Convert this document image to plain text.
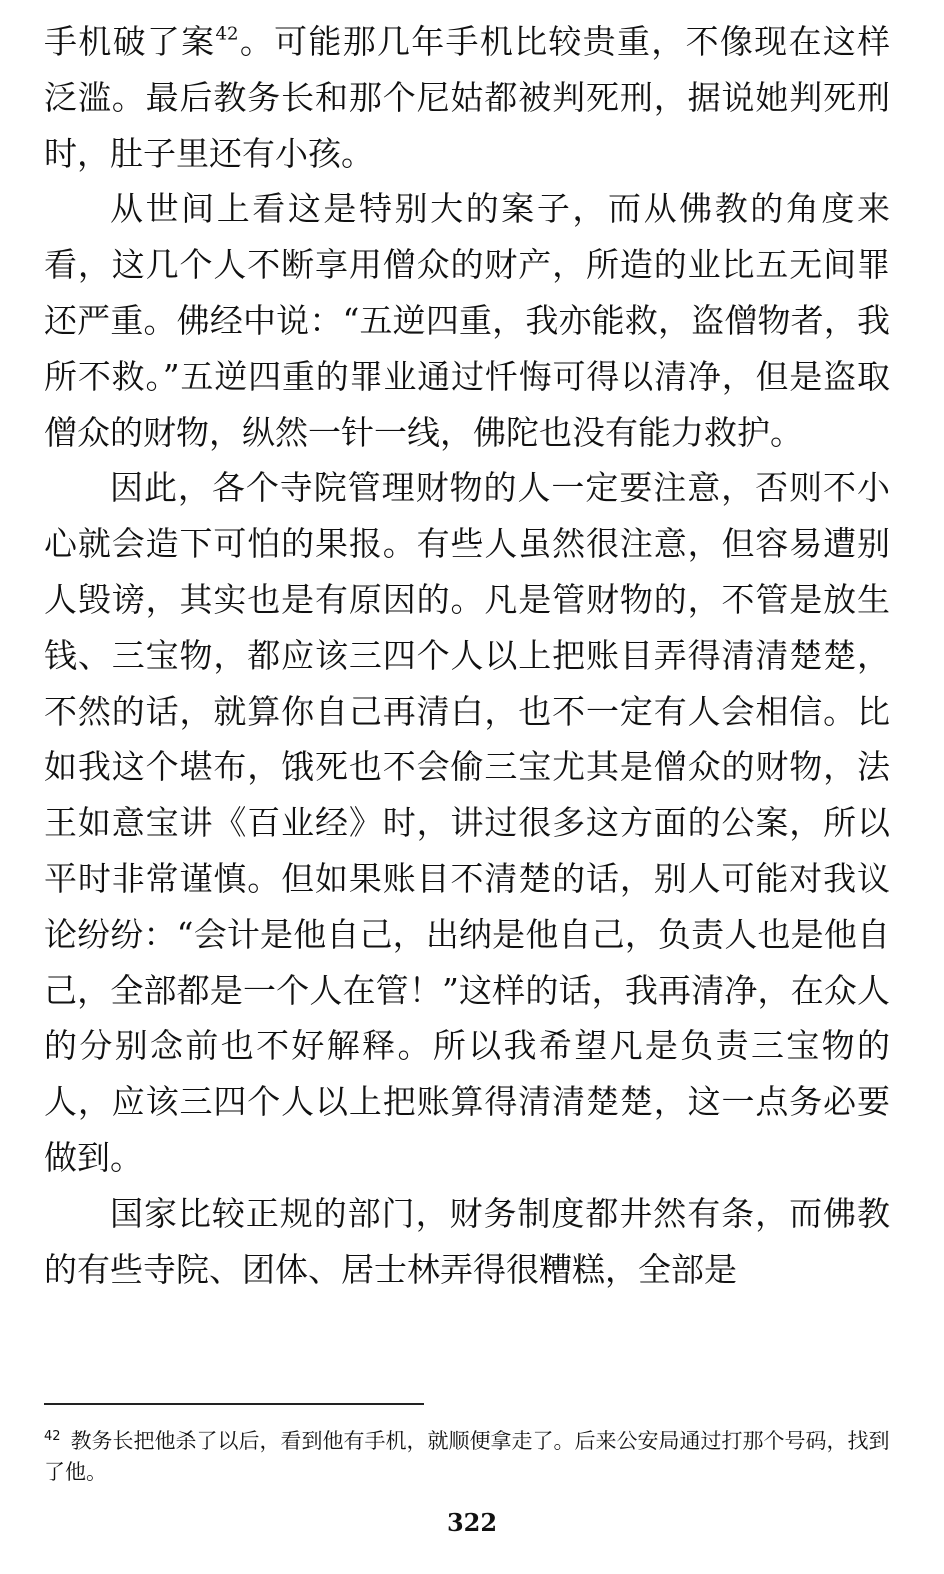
手机破了案$^{42}$。可能那几年手机比较贵重，不像现在这样泛滥。最后教务长和那个尼姑都被判死刑，据说她判死刑时，肚子里还有小孩。

从世间上看这是特别大的案子，而从佛教的角度来看，这几个人不断享用僧众的财产，所造的业比五无间罪还严重。佛经中说：“五逆四重，我亦能救，盗僧物者，我所不救。”五逆四重的罪业通过忏悔可得以清净，但是盗取僧众的财物，纵然一针一线，佛陀也没有能力救护。

因此，各个寺院管理财物的人一定要注意，否则不小心就会造下可怕的果报。有些人虽然很注意，但容易遭别人毁谤，其实也是有原因的。凡是管财物的，不管是放生钱、三宝物，都应该三四个人以上把账目弄得清清楚楚，不然的话，就算你自己再清白，也不一定有人会相信。比如我这个堪布，饿死也不会偷三宝尤其是僧众的财物，法王如意宝讲《百业经》时，讲过很多这方面的公案，所以平时非常谨慎。但如果账目不清楚的话，别人可能对我议论纷纷：“会计是他自己，出纳是他自己，负责人也是他自己，全部都是一个人在管！”这样的话，我再清净，在众人的分别念前也不好解释。所以我希望凡是负责三宝物的人，应该三四个人以上把账算得清清楚楚，这一点务必要做到。

国家比较正规的部门，财务制度都井然有条，而佛教的有些寺院、团体、居士林弄得很糟糕，全部是

$^{42}$ 教务长把他杀了以后，看到他有手机，就顺便拿走了。后来公安局通过打那个号码，找到了他。
322
